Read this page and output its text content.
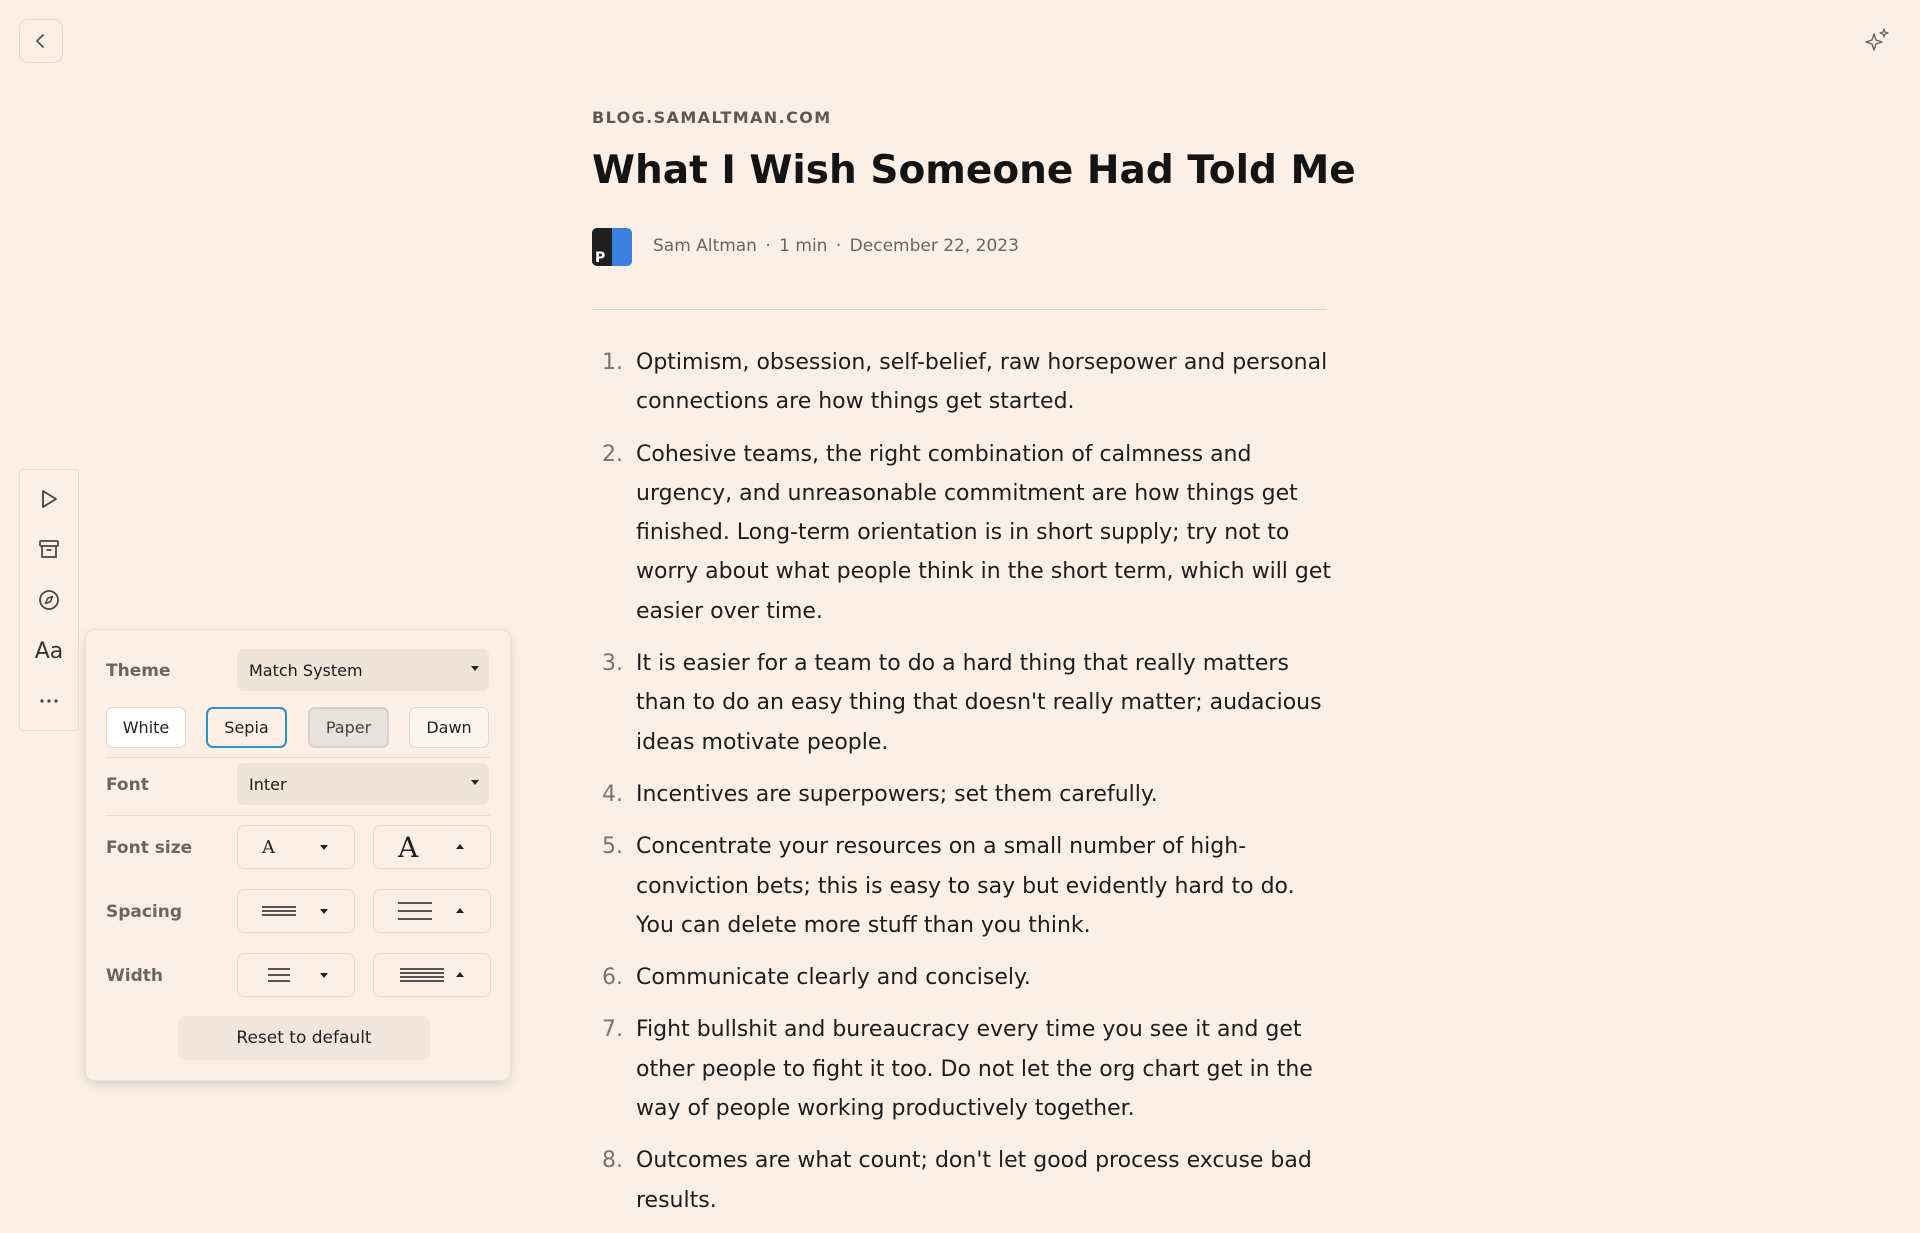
Aa
Theme	Match System
White	Sepia	Paper	Dawn
Font	Inter
Font size	A	A
Spacing
Width
Reset to default
BLOG.SAMALTMAN.COM
What I Wish Someone Had Told Me
P
Sam Altman · 1 min · December 22, 2023
1. Optimism, obsession, self-belief, raw horsepower and personal connections are how things get started.
2. Cohesive teams, the right combination of calmness and urgency, and unreasonable commitment are how things get finished. Long-term orientation is in short supply; try not to worry about what people think in the short term, which will get easier over time.
3. It is easier for a team to do a hard thing that really matters than to do an easy thing that doesn't really matter; audacious ideas motivate people.
4. Incentives are superpowers; set them carefully.
5. Concentrate your resources on a small number of high-conviction bets; this is easy to say but evidently hard to do. You can delete more stuff than you think.
6. Communicate clearly and concisely.
7. Fight bullshit and bureaucracy every time you see it and get other people to fight it too. Do not let the org chart get in the way of people working productively together.
8. Outcomes are what count; don't let good process excuse bad results.
